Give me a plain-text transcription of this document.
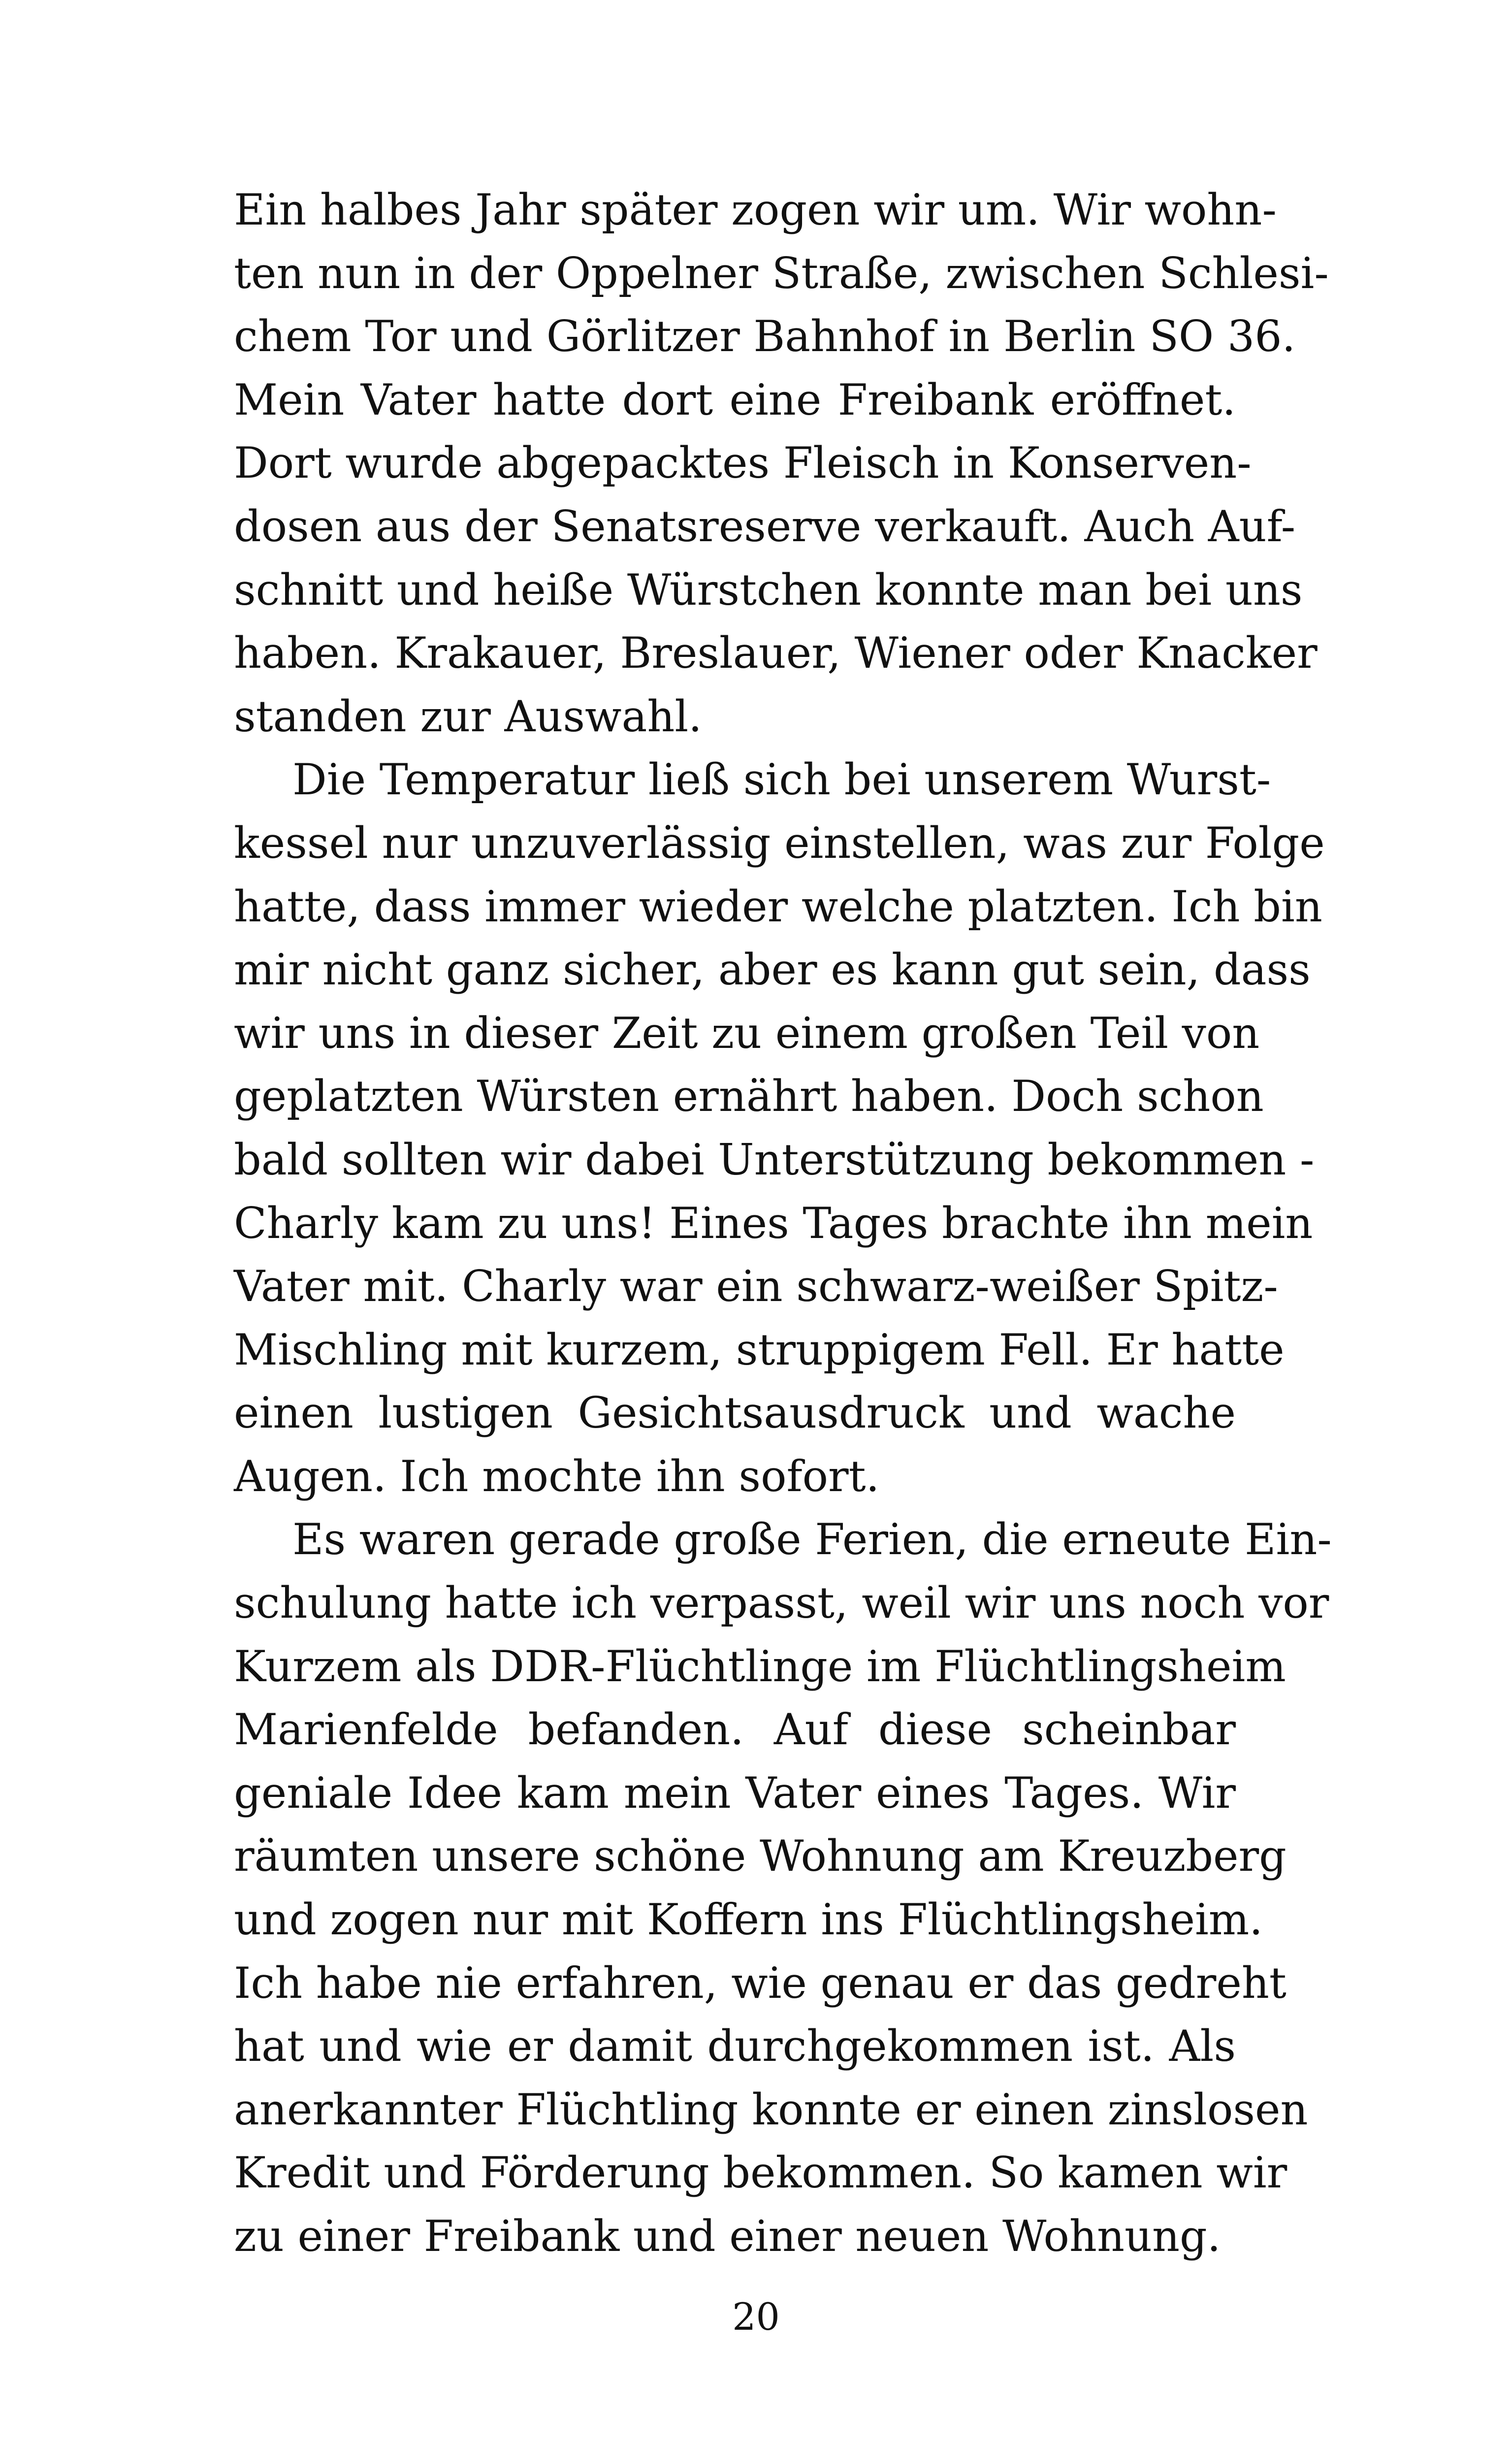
Ein halbes Jahr später zogen wir um. Wir wohn-
ten nun in der Oppelner Straße, zwischen Schlesi-
chem Tor und Görlitzer Bahnhof in Berlin SO 36.
Mein Vater hatte dort eine Freibank eröffnet.
Dort wurde abgepacktes Fleisch in Konserven-
dosen aus der Senatsreserve verkauft. Auch Auf-
schnitt und heiße Würstchen konnte man bei uns
haben. Krakauer, Breslauer, Wiener oder Knacker
standen zur Auswahl.
Die Temperatur ließ sich bei unserem Wurst-
kessel nur unzuverlässig einstellen, was zur Folge
hatte, dass immer wieder welche platzten. Ich bin
mir nicht ganz sicher, aber es kann gut sein, dass
wir uns in dieser Zeit zu einem großen Teil von
geplatzten Würsten ernährt haben. Doch schon
bald sollten wir dabei Unterstützung bekommen -
Charly kam zu uns! Eines Tages brachte ihn mein
Vater mit. Charly war ein schwarz-weißer Spitz-
Mischling mit kurzem, struppigem Fell. Er hatte
einen lustigen Gesichtsausdruck und wache
Augen. Ich mochte ihn sofort.
Es waren gerade große Ferien, die erneute Ein-
schulung hatte ich verpasst, weil wir uns noch vor
Kurzem als DDR-Flüchtlinge im Flüchtlingsheim
Marienfelde befanden. Auf diese scheinbar
geniale Idee kam mein Vater eines Tages. Wir
räumten unsere schöne Wohnung am Kreuzberg
und zogen nur mit Koffern ins Flüchtlingsheim.
Ich habe nie erfahren, wie genau er das gedreht
hat und wie er damit durchgekommen ist. Als
anerkannter Flüchtling konnte er einen zinslosen
Kredit und Förderung bekommen. So kamen wir
zu einer Freibank und einer neuen Wohnung.
20
